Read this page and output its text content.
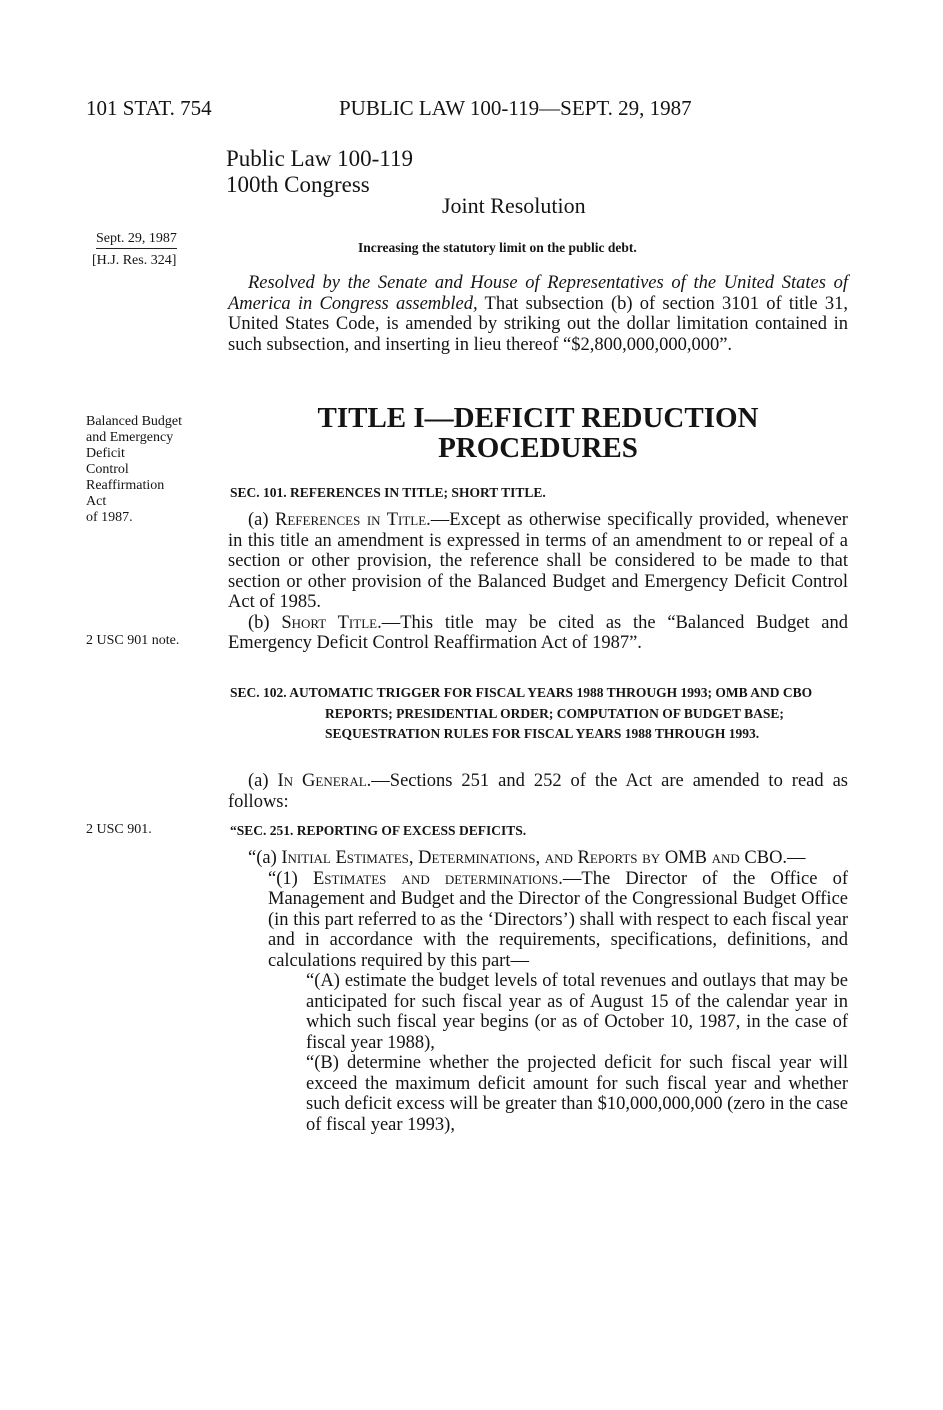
101 STAT. 754	PUBLIC LAW 100-119—SEPT. 29, 1987
Public Law 100-119
100th Congress
Joint Resolution
Increasing the statutory limit on the public debt.
Sept. 29, 1987
[H.J. Res. 324]
Balanced Budget
and Emergency
Deficit
Control
Reaffirmation
Act
of 1987.
2 USC 901 note.
2 USC 901.

Resolved by the Senate and House of Representatives of the United States of America in Congress assembled, That subsection (b) of section 3101 of title 31, United States Code, is amended by striking out the dollar limitation contained in such subsection, and inserting in lieu thereof “$2,800,000,000,000”.

TITLE I—DEFICIT REDUCTION
PROCEDURES
SEC. 101. REFERENCES IN TITLE; SHORT TITLE.

(a) References in Title.—Except as otherwise specifically provided, whenever in this title an amendment is expressed in terms of an amendment to or repeal of a section or other provision, the reference shall be considered to be made to that section or other provision of the Balanced Budget and Emergency Deficit Control Act of 1985.

(b) Short Title.—This title may be cited as the “Balanced Budget and Emergency Deficit Control Reaffirmation Act of 1987”.

SEC. 102. AUTOMATIC TRIGGER FOR FISCAL YEARS 1988 THROUGH 1993; OMB AND CBO REPORTS; PRESIDENTIAL ORDER; COMPUTATION OF BUDGET BASE; SEQUESTRATION RULES FOR FISCAL YEARS 1988 THROUGH 1993.

(a) In General.—Sections 251 and 252 of the Act are amended to read as follows:

“SEC. 251. REPORTING OF EXCESS DEFICITS.

“(a) Initial Estimates, Determinations, and Reports by OMB and CBO.—

“(1) Estimates and determinations.—The Director of the Office of Management and Budget and the Director of the Congressional Budget Office (in this part referred to as the ‘Directors’) shall with respect to each fiscal year and in accordance with the requirements, specifications, definitions, and calculations required by this part—

“(A) estimate the budget levels of total revenues and outlays that may be anticipated for such fiscal year as of August 15 of the calendar year in which such fiscal year begins (or as of October 10, 1987, in the case of fiscal year 1988),

“(B) determine whether the projected deficit for such fiscal year will exceed the maximum deficit amount for such fiscal year and whether such deficit excess will be greater than $10,000,000,000 (zero in the case of fiscal year 1993),
